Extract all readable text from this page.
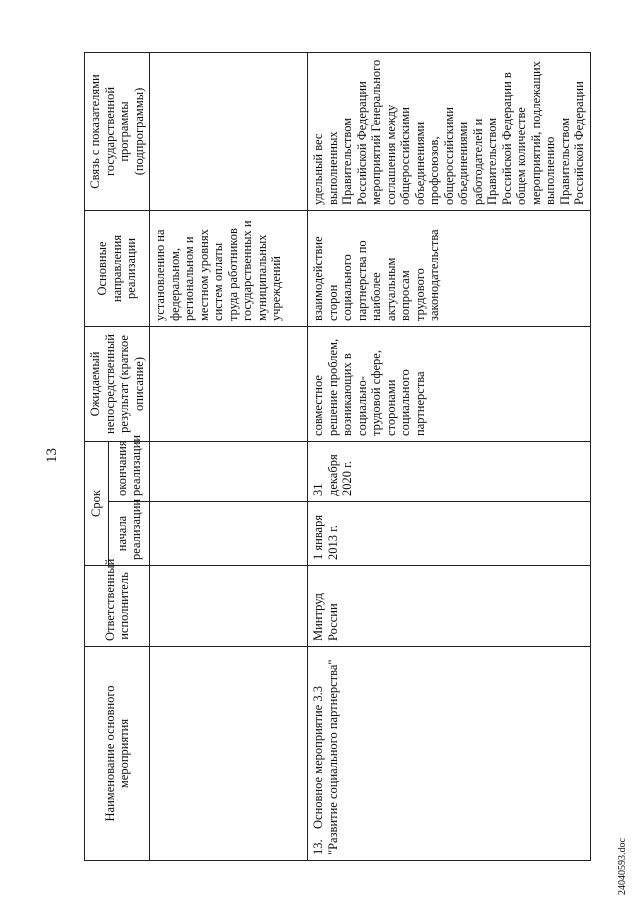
13
Наименование основного мероприятия	Ответственный исполнитель	Срок		Ожидаемый непосредственный результат (краткое описание)	Основные направления реализации	Связь с показателями государственной программы (подпрограммы)
		начала реализации	окончания реализации			
					установлению на федеральном, региональном и местном уровнях систем оплаты труда работников государственных и муниципальных учреждений	
13.Основное мероприятие 3.3 "Развитие социального партнерства"	Минтруд России	1 января 2013 г.	31 декабря 2020 г.	совместное решение проблем, возникающих в социально-трудовой сфере, сторонами социального партнерства	взаимодействие сторон социального партнерства по наиболее актуальным вопросам трудового законодательства	удельный вес выполненных Правительством Российской Федерации мероприятий Генерального соглашения между общероссийскими объединениями профсоюзов, общероссийскими объединениями работодателей и Правительством Российской Федерации в общем количестве мероприятий, подлежащих выполнению Правительством Российской Федерации
24040593.doc
